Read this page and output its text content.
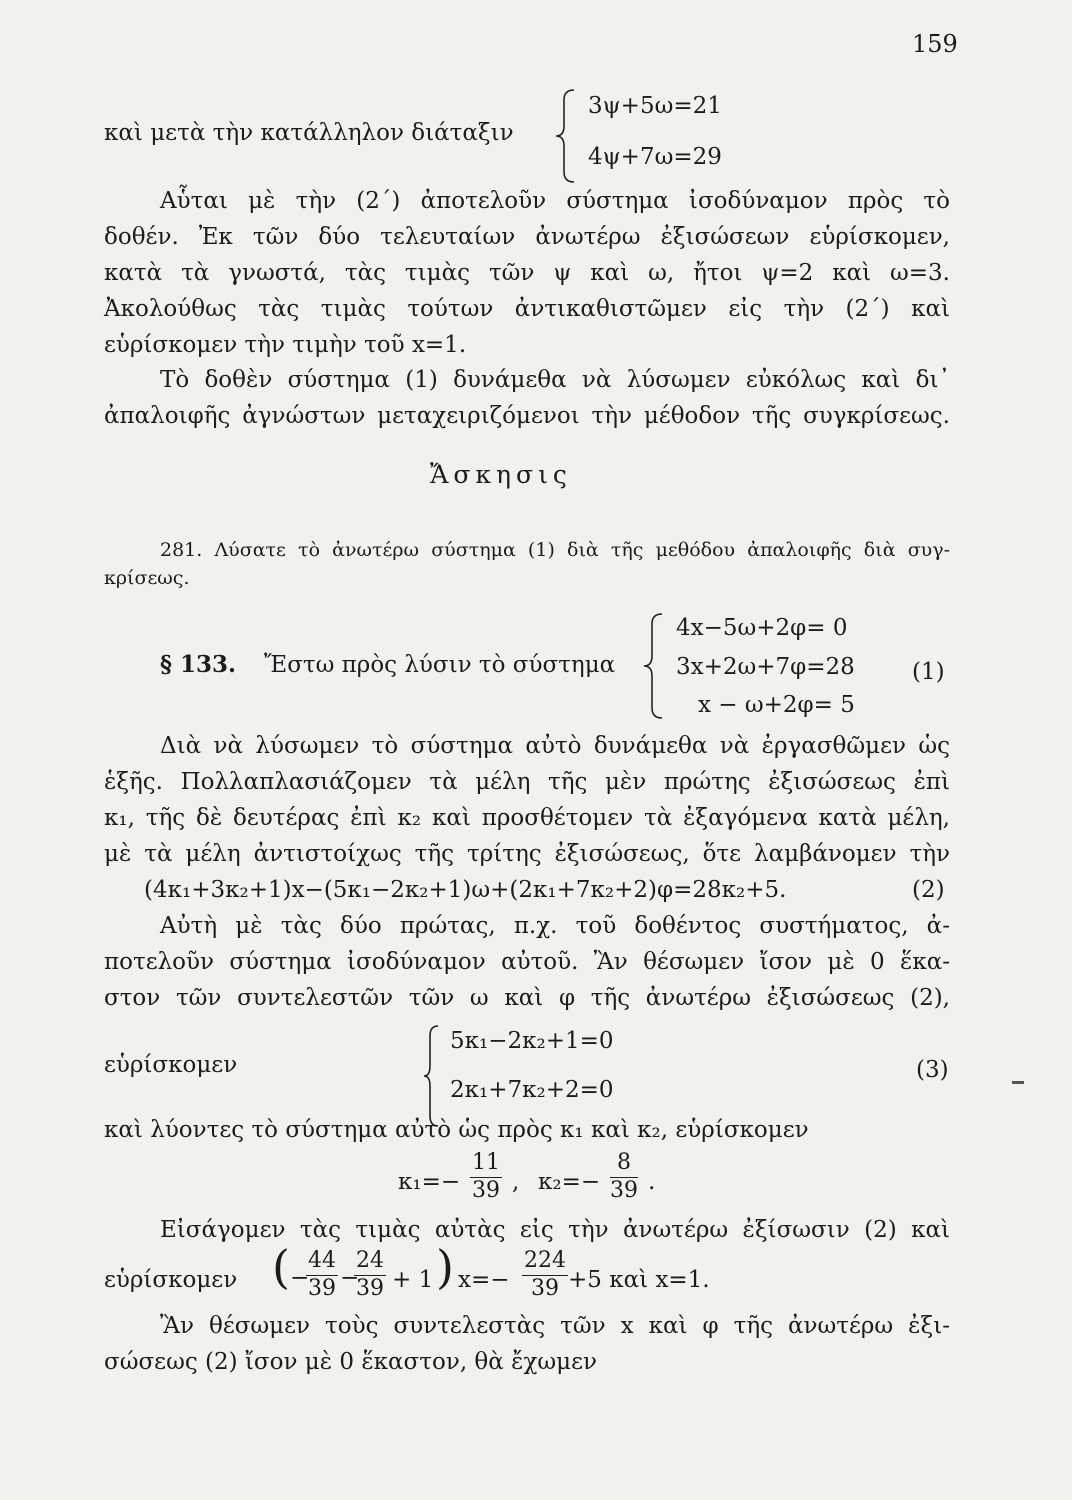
159
καὶ μετὰ τὴν κατάλληλον διάταξιν
3ψ+5ω=21
4ψ+7ω=29
Αὗται μὲ τὴν (2΄) ἀποτελοῦν σύστημα ἰσοδύναμον πρὸς τὸ
δοθέν. Ἐκ τῶν δύο τελευταίων ἀνωτέρω ἐξισώσεων εὑρίσκομεν,
κατὰ τὰ γνωστά, τὰς τιμὰς τῶν ψ καὶ ω, ἤτοι ψ=2 καὶ ω=3.
Ἀκολούθως τὰς τιμὰς τούτων ἀντικαθιστῶμεν εἰς τὴν (2΄) καὶ
εὑρίσκομεν τὴν τιμὴν τοῦ x=1.
Τὸ δοθὲν σύστημα (1) δυνάμεθα νὰ λύσωμεν εὐκόλως καὶ δι᾿
ἀπαλοιφῆς ἀγνώστων μεταχειριζόμενοι τὴν μέθοδον τῆς συγκρίσεως.
Ἄσκησις
281. Λύσατε τὸ ἀνωτέρω σύστημα (1) διὰ τῆς μεθόδου ἀπαλοιφῆς διὰ συγ-
κρίσεως.
§ 133. Ἔστω πρὸς λύσιν τὸ σύστημα
4x−5ω+2φ= 0
3x+2ω+7φ=28 (1)
x − ω+2φ= 5
Διὰ νὰ λύσωμεν τὸ σύστημα αὐτὸ δυνάμεθα νὰ ἐργασθῶμεν ὡς
ἑξῆς. Πολλαπλασιάζομεν τὰ μέλη τῆς μὲν πρώτης ἐξισώσεως ἐπὶ
κ₁, τῆς δὲ δευτέρας ἐπὶ κ₂ καὶ προσθέτομεν τὰ ἐξαγόμενα κατὰ μέλη,
μὲ τὰ μέλη ἀντιστοίχως τῆς τρίτης ἐξισώσεως, ὅτε λαμβάνομεν τὴν
(4κ₁+3κ₂+1)x−(5κ₁−2κ₂+1)ω+(2κ₁+7κ₂+2)φ=28κ₂+5.	(2)
Αὐτὴ μὲ τὰς δύο πρώτας, π.χ. τοῦ δοθέντος συστήματος, ἀ-
ποτελοῦν σύστημα ἰσοδύναμον αὐτοῦ. Ἂν θέσωμεν ἴσον μὲ 0 ἕκα-
στον τῶν συντελεστῶν τῶν ω καὶ φ τῆς ἀνωτέρω ἐξισώσεως (2),
εὑρίσκομεν
5κ₁−2κ₂+1=0
2κ₁+7κ₂+2=0
(3)
καὶ λύοντες τὸ σύστημα αὐτὸ ὡς πρὸς κ₁ καὶ κ₂, εὑρίσκομεν
$\kappa_1=- \frac{11}{39}$ , $\kappa_2=- \frac{8}{39}$ .
Εἰσάγομεν τὰς τιμὰς αὐτὰς εἰς τὴν ἀνωτέρω ἐξίσωσιν (2) καὶ
εὑρίσκομεν ( −
$\frac{44}{39}$ −
$\frac{24}{39} + 1$ ) $x=- \frac{224}{39} +5$ καὶ x=1.
Ἂν θέσωμεν τοὺς συντελεστὰς τῶν x καὶ φ τῆς ἀνωτέρω ἐξι-
σώσεως (2) ἴσον μὲ 0 ἕκαστον, θὰ ἔχωμεν
